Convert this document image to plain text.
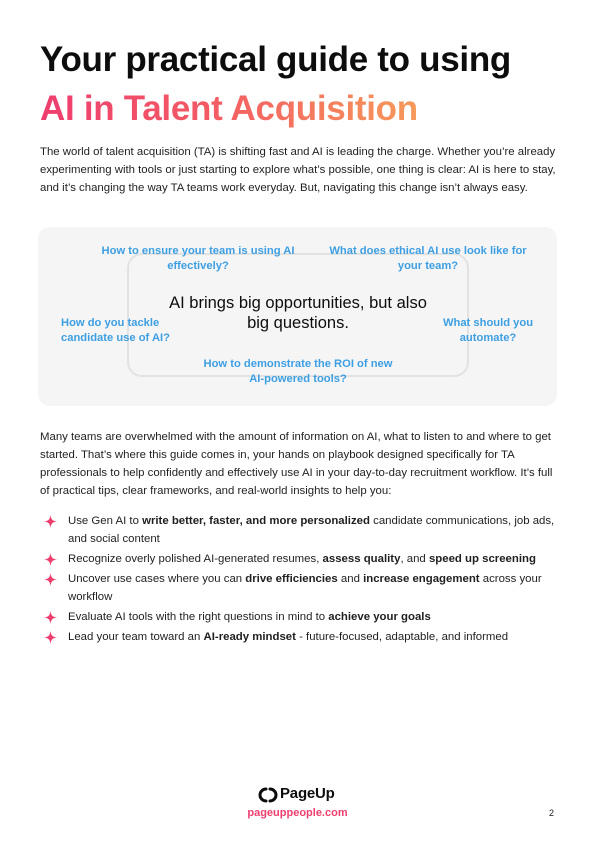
Your practical guide to using
AI in Talent Acquisition

The world of talent acquisition (TA) is shifting fast and AI is leading the charge. Whether you’re already experimenting with tools or just starting to explore what’s possible, one thing is clear: AI is here to stay, and it’s changing the way TA teams work everyday. But, navigating this change isn’t always easy.

How to ensure your team is using AI effectively?

What does ethical AI use look like for your team?

AI brings big opportunities, but also big questions.

How do you tackle candidate use of AI?

What should you automate?

How to demonstrate the ROI of new AI-powered tools?

Many teams are overwhelmed with the amount of information on AI, what to listen to and where to get started. That’s where this guide comes in, your hands on playbook designed specifically for TA professionals to help confidently and effectively use AI in your day-to-day recruitment workflow. It’s full of practical tips, clear frameworks, and real-world insights to help you:

Use Gen AI to write better, faster, and more personalized candidate communications, job ads, and social content
Recognize overly polished AI-generated resumes, assess quality, and speed up screening
Uncover use cases where you can drive efficiencies and increase engagement across your workflow
Evaluate AI tools with the right questions in mind to achieve your goals
Lead your team toward an AI-ready mindset - future-focused, adaptable, and informed
PageUp
pageuppeople.com	2
